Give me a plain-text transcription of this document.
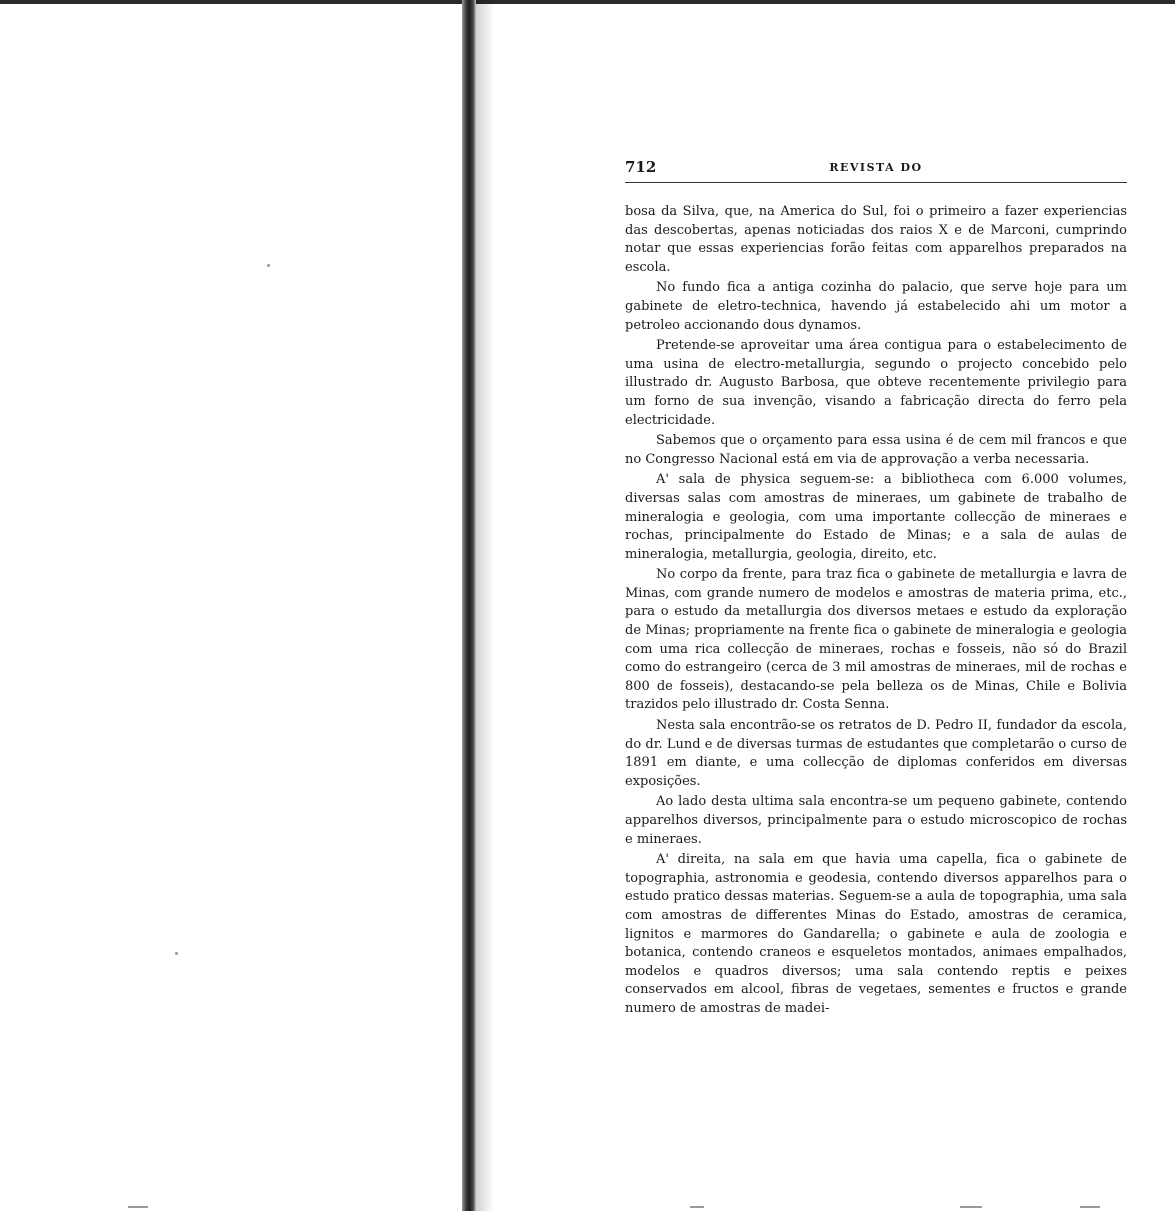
712	REVISTA DO

bosa da Silva, que, na America do Sul, foi o primeiro a fazer experiencias das descobertas, apenas noticiadas dos raios X e de Marconi, cumprindo notar que essas experiencias forão feitas com apparelhos preparados na escola.

No fundo fica a antiga cozinha do palacio, que serve hoje para um gabinete de eletro-technica, havendo já estabelecido ahi um motor a petroleo accionando dous dynamos.

Pretende-se aproveitar uma área contigua para o estabelecimento de uma usina de electro-metallurgia, segundo o projecto concebido pelo illustrado dr. Augusto Barbosa, que obteve recentemente privilegio para um forno de sua invenção, visando a fabricação directa do ferro pela electricidade.

Sabemos que o orçamento para essa usina é de cem mil francos e que no Congresso Nacional está em via de approvação a verba necessaria.

A' sala de physica seguem-se: a bibliotheca com 6.000 volumes, diversas salas com amostras de mineraes, um gabinete de trabalho de mineralogia e geologia, com uma importante collecção de mineraes e rochas, principalmente do Estado de Minas; e a sala de aulas de mineralogia, metallurgia, geologia, direito, etc.

No corpo da frente, para traz fica o gabinete de metallurgia e lavra de Minas, com grande numero de modelos e amostras de materia prima, etc., para o estudo da metallurgia dos diversos metaes e estudo da exploração de Minas; propriamente na frente fica o gabinete de mineralogia e geologia com uma rica collecção de mineraes, rochas e fosseis, não só do Brazil como do estrangeiro (cerca de 3 mil amostras de mineraes, mil de rochas e 800 de fosseis), destacando-se pela belleza os de Minas, Chile e Bolivia trazidos pelo illustrado dr. Costa Senna.

Nesta sala encontrão-se os retratos de D. Pedro II, fundador da escola, do dr. Lund e de diversas turmas de estudantes que completarão o curso de 1891 em diante, e uma collecção de diplomas conferidos em diversas exposições.

Ao lado desta ultima sala encontra-se um pequeno gabinete, contendo apparelhos diversos, principalmente para o estudo microscopico de rochas e mineraes.

A' direita, na sala em que havia uma capella, fica o gabinete de topographia, astronomia e geodesia, contendo diversos apparelhos para o estudo pratico dessas materias. Seguem-se a aula de topographia, uma sala com amostras de differentes Minas do Estado, amostras de ceramica, lignitos e marmores do Gandarella; o gabinete e aula de zoologia e botanica, contendo craneos e esqueletos montados, animaes empalhados, modelos e quadros diversos; uma sala contendo reptis e peixes conservados em alcool, fibras de vegetaes, sementes e fructos e grande numero de amostras de madei-
